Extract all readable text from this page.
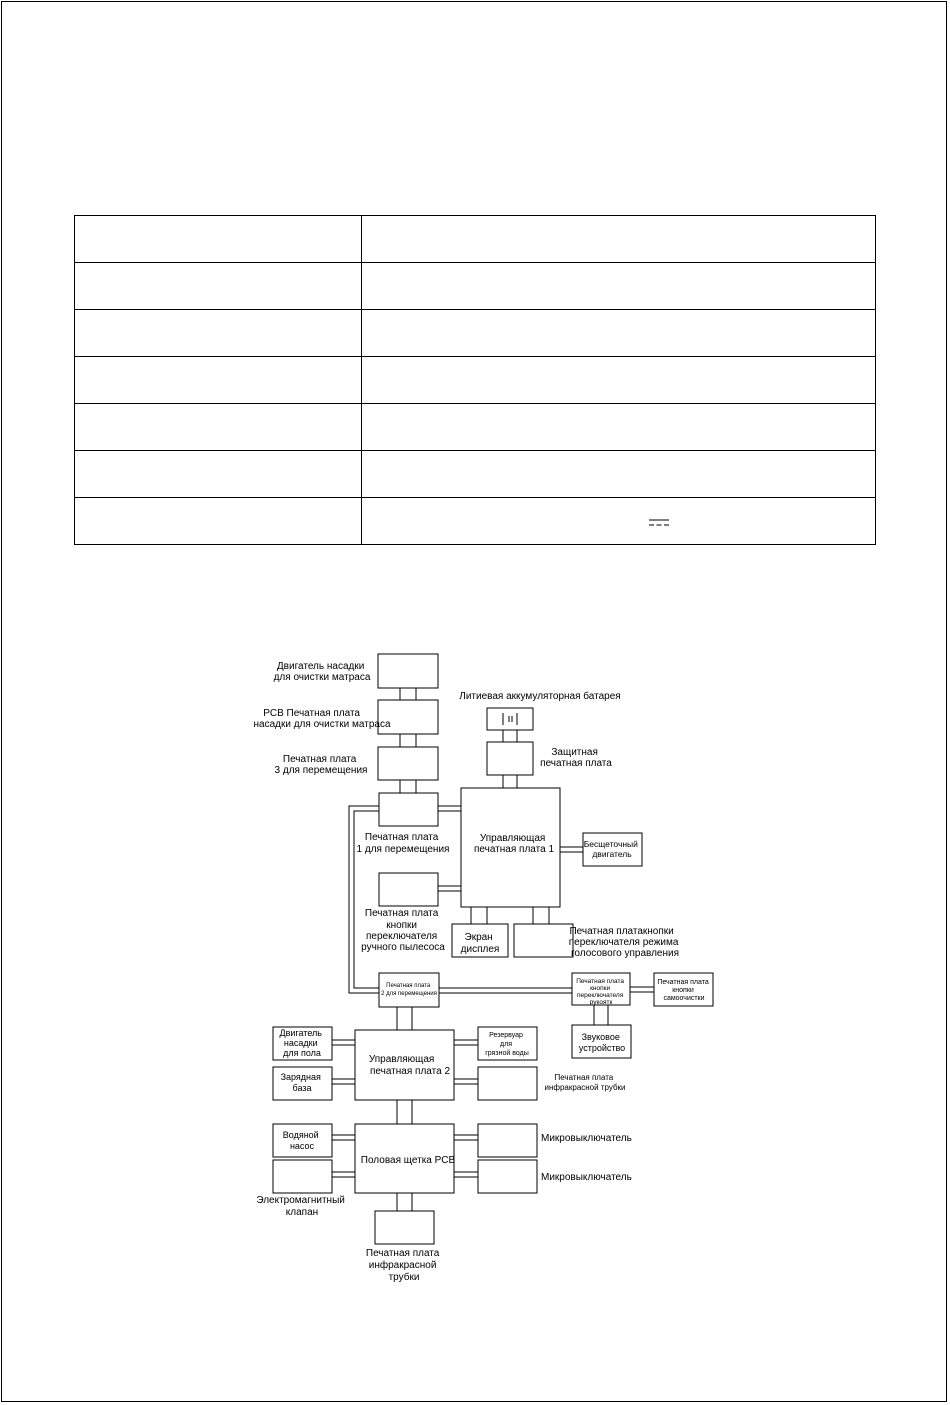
Двигатель насадки для очистки матраса
PCB Печатная плата насадки для очистки матраса
Печатная плата 3 для перемещения
Литиевая аккумуляторная батарея
Защитная печатная плата
Печатная плата 1 для перемещения
Управляющая печатная плата 1	Бесщеточный двигатель
Печатная плата кнопки переключателя ручного пылесоса
Экран дисплея
Печатная платакнопки переключателя режима голосового управления
Печатная плата 2 для перемещения
Печатная плата кнопки переключателя рукоятк
Печатная плата кнопки самоочистки
Звуковое устройство
Двигатель насадки для пола
Управляющая печатная плата 2
Резервуар для грязной воды
Зарядная база
Печатная плата инфракрасной трубки
Водяной насос
Половая щетка PCB
Микровыключатель
Микровыключатель
Электромагнитный клапан
Печатная плата инфракрасной трубки
